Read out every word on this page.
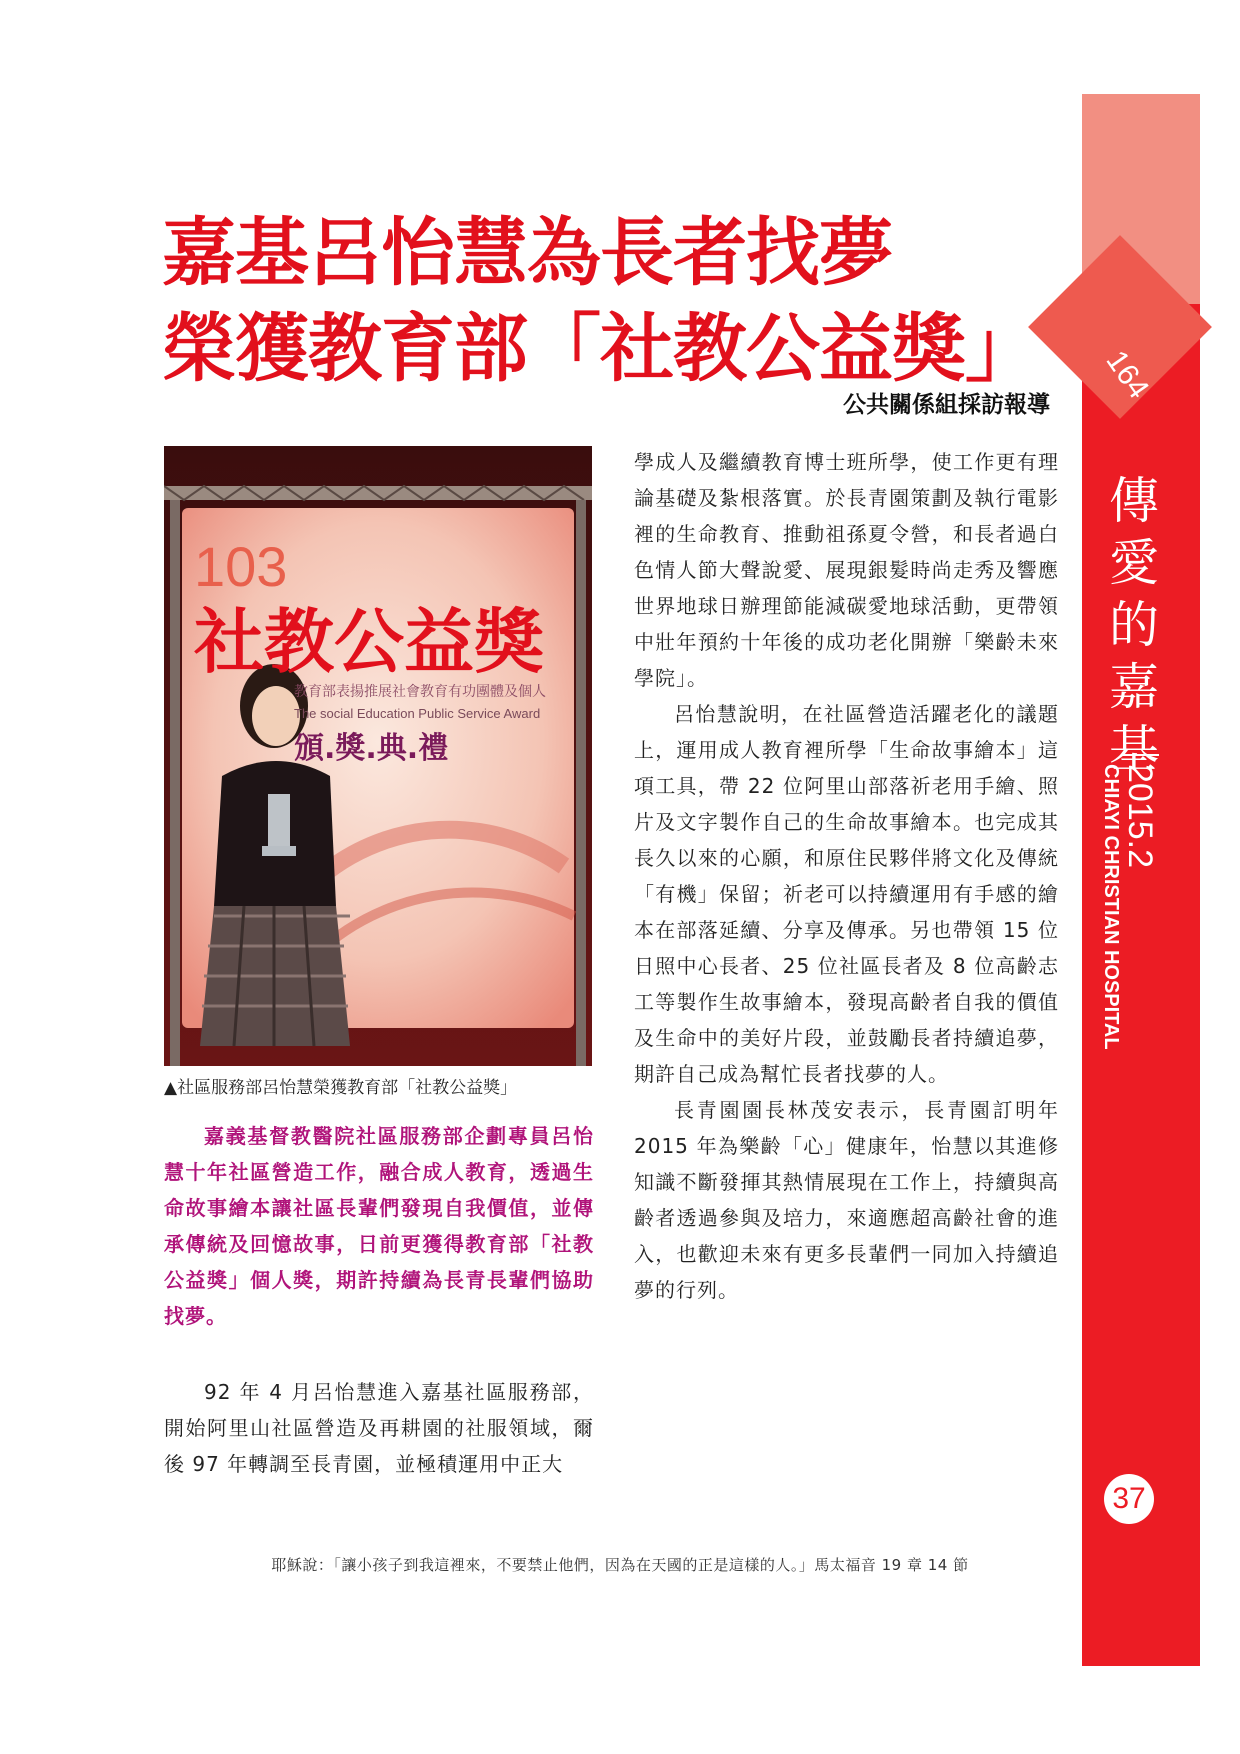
164
傳愛的嘉基
2015.2
CHIAYI CHRISTIAN HOSPITAL
37
嘉基呂怡慧為長者找夢
榮獲教育部「社教公益獎」
公共關係組採訪報導
103
社教公益獎
教育部表揚推展社會教育有功團體及個人
The social Education Public Service Award
頒.獎.典.禮
▲社區服務部呂怡慧榮獲教育部「社教公益獎」
嘉義基督教醫院社區服務部企劃專員呂怡慧十年社區營造工作，融合成人教育，透過生命故事繪本讓社區長輩們發現自我價值，並傳承傳統及回憶故事，日前更獲得教育部「社教公益獎」個人獎，期許持續為長青長輩們協助找夢。
92 年 4 月呂怡慧進入嘉基社區服務部，開始阿里山社區營造及再耕園的社服領域，爾後 97 年轉調至長青園，並極積運用中正大

學成人及繼續教育博士班所學，使工作更有理論基礎及紮根落實。於長青園策劃及執行電影裡的生命教育、推動祖孫夏令營，和長者過白色情人節大聲說愛、展現銀髮時尚走秀及響應世界地球日辦理節能減碳愛地球活動，更帶領中壯年預約十年後的成功老化開辦「樂齡未來學院」。

呂怡慧說明，在社區營造活躍老化的議題上，運用成人教育裡所學「生命故事繪本」這項工具，帶 22 位阿里山部落祈老用手繪、照片及文字製作自己的生命故事繪本。也完成其長久以來的心願，和原住民夥伴將文化及傳統「有機」保留；祈老可以持續運用有手感的繪本在部落延續、分享及傳承。另也帶領 15 位日照中心長者、25 位社區長者及 8 位高齡志工等製作生故事繪本，發現高齡者自我的價值及生命中的美好片段，並鼓勵長者持續追夢，期許自己成為幫忙長者找夢的人。

長青園園長林茂安表示，長青園訂明年 2015 年為樂齡「心」健康年，怡慧以其進修知識不斷發揮其熱情展現在工作上，持續與高齡者透過參與及培力，來適應超高齡社會的進入，也歡迎未來有更多長輩們一同加入持續追夢的行列。

耶穌說：「讓小孩子到我這裡來，不要禁止他們，因為在天國的正是這樣的人。」馬太福音 19 章 14 節
